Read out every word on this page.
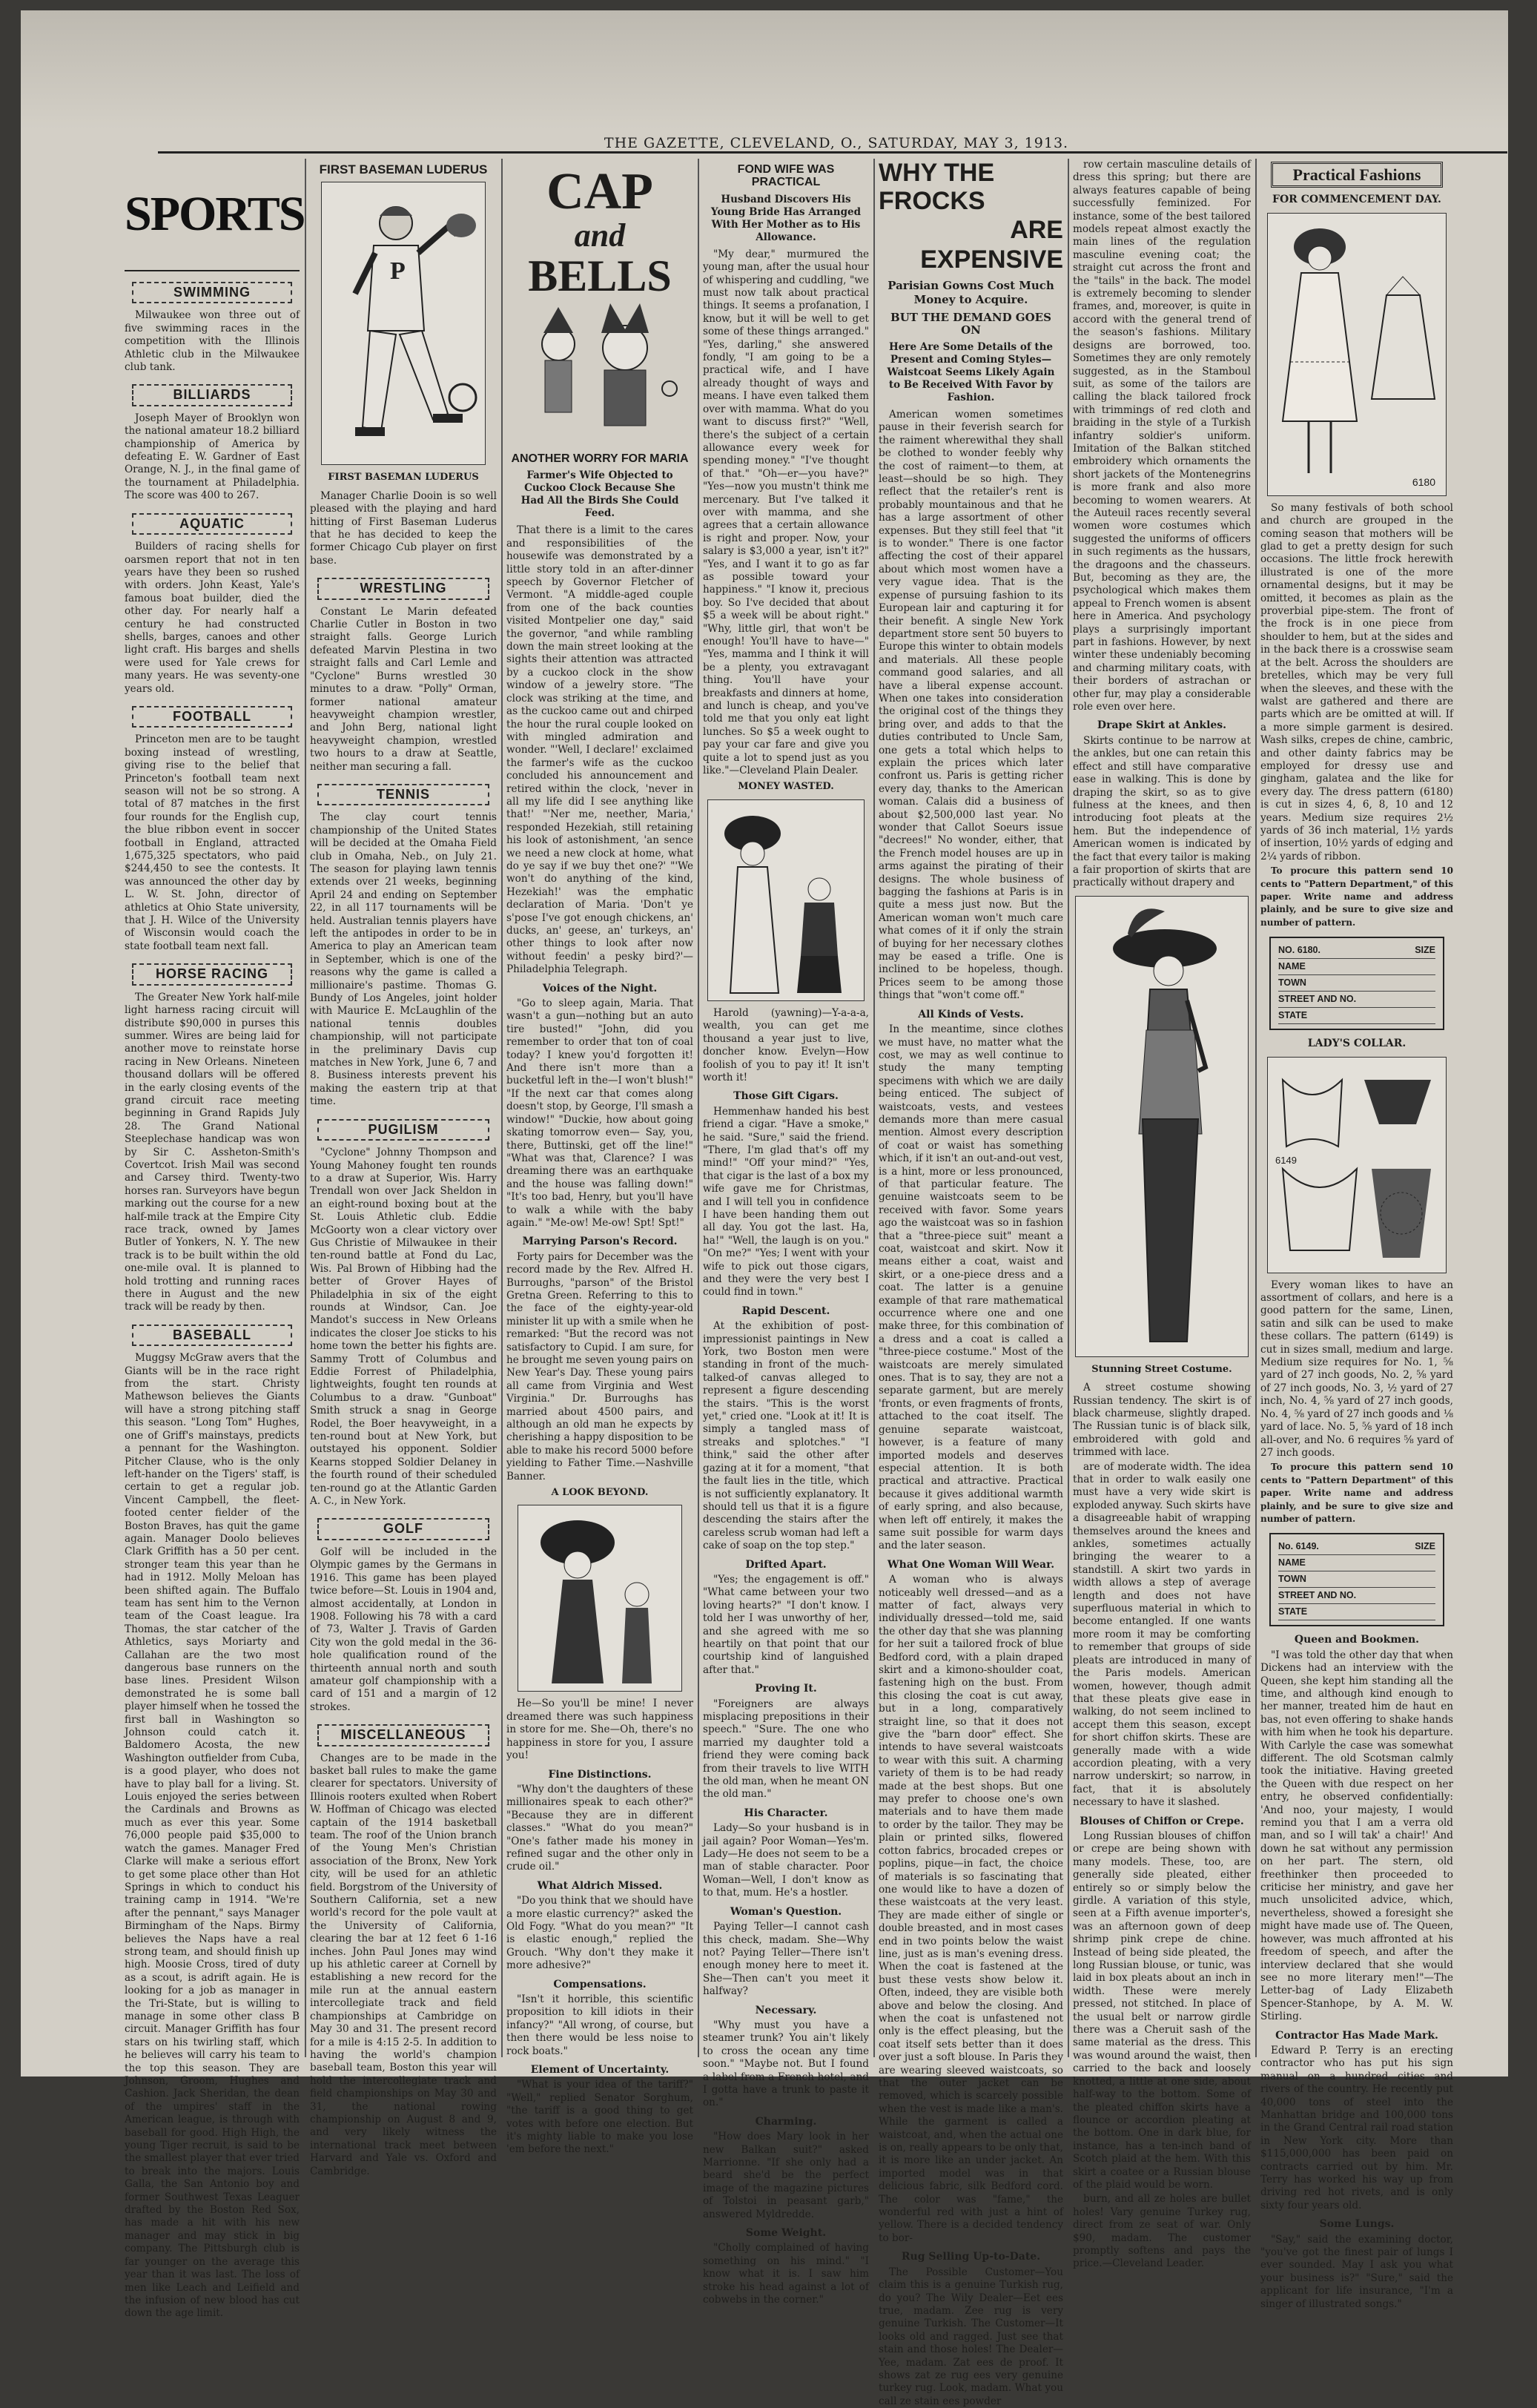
THE GAZETTE, CLEVELAND, O., SATURDAY, MAY 3, 1913.
SPORTS
SWIMMING

Milwaukee won three out of five swimming races in the competition with the Illinois Athletic club in the Milwaukee club tank.

BILLIARDS

Joseph Mayer of Brooklyn won the national amateur 18.2 billiard championship of America by defeating E. W. Gardner of East Orange, N. J., in the final game of the tournament at Philadelphia. The score was 400 to 267.

AQUATIC

Builders of racing shells for oarsmen report that not in ten years have they been so rushed with orders. John Keast, Yale's famous boat builder, died the other day. For nearly half a century he had constructed shells, barges, canoes and other light craft. His barges and shells were used for Yale crews for many years. He was seventy-one years old.

FOOTBALL

Princeton men are to be taught boxing instead of wrestling, giving rise to the belief that Princeton's football team next season will not be so strong. A total of 87 matches in the first four rounds for the English cup, the blue ribbon event in soccer football in England, attracted 1,675,325 spectators, who paid $244,450 to see the contests. It was announced the other day by L. W. St. John, director of athletics at Ohio State university, that J. H. Wilce of the University of Wisconsin would coach the state football team next fall.

HORSE RACING

The Greater New York half-mile light harness racing circuit will distribute $90,000 in purses this summer. Wires are being laid for another move to reinstate horse racing in New Orleans. Nineteen thousand dollars will be offered in the early closing events of the grand circuit race meeting beginning in Grand Rapids July 28. The Grand National Steeplechase handicap was won by Sir C. Assheton-Smith's Covertcot. Irish Mail was second and Carsey third. Twenty-two horses ran. Surveyors have begun marking out the course for a new half-mile track at the Empire City race track, owned by James Butler of Yonkers, N. Y. The new track is to be built within the old one-mile oval. It is planned to hold trotting and running races there in August and the new track will be ready by then.

BASEBALL

Muggsy McGraw avers that the Giants will be in the race right from the start. Christy Mathewson believes the Giants will have a strong pitching staff this season. "Long Tom" Hughes, one of Griff's mainstays, predicts a pennant for the Washington. Pitcher Clause, who is the only left-hander on the Tigers' staff, is certain to get a regular job. Vincent Campbell, the fleet-footed center fielder of the Boston Braves, has quit the game again. Manager Doolo believes Clark Griffith has a 50 per cent. stronger team this year than he had in 1912. Molly Meloan has been shifted again. The Buffalo team has sent him to the Vernon team of the Coast league. Ira Thomas, the star catcher of the Athletics, says Moriarty and Callahan are the two most dangerous base runners on the base lines. President Wilson demonstrated he is some ball player himself when he tossed the first ball in Washington so Johnson could catch it. Baldomero Acosta, the new Washington outfielder from Cuba, is a good player, who does not have to play ball for a living. St. Louis enjoyed the series between the Cardinals and Browns as much as ever this year. Some 76,000 people paid $35,000 to watch the games. Manager Fred Clarke will make a serious effort to get some place other than Hot Springs in which to conduct his training camp in 1914. "We're after the pennant," says Manager Birmingham of the Naps. Birmy believes the Naps have a real strong team, and should finish up high. Moosie Cross, tired of duty as a scout, is adrift again. He is looking for a job as manager in the Tri-State, but is willing to manage in some other class B circuit. Manager Griffith has four stars on his twirling staff, which he believes will carry his team to the top this season. They are Johnson, Groom, Hughes and Cashion. Jack Sheridan, the dean of the umpires' staff in the American league, is through with baseball for good. High High, the young Tiger recruit, is said to be the smallest player that ever tried to break into the majors. Louis Galla, the San Antonio boy and former Southwest Texas Leaguer drafted by the Boston Red Sox, has made a hit with his new manager and may stick in big company. The Pittsburgh club is far younger on the average this year than it was last. The loss of men like Leach and Leifield and the infusion of new blood has cut down the age limit.

FIRST BASEMAN LUDERUS
P
FIRST BASEMAN LUDERUS

Manager Charlie Dooin is so well pleased with the playing and hard hitting of First Baseman Luderus that he has decided to keep the former Chicago Cub player on first base.

WRESTLING

Constant Le Marin defeated Charlie Cutler in Boston in two straight falls. George Lurich defeated Marvin Plestina in two straight falls and Carl Lemle and "Cyclone" Burns wrestled 30 minutes to a draw. "Polly" Orman, former national amateur heavyweight champion wrestler, and John Berg, national light heavyweight champion, wrestled two hours to a draw at Seattle, neither man securing a fall.

TENNIS

The clay court tennis championship of the United States will be decided at the Omaha Field club in Omaha, Neb., on July 21. The season for playing lawn tennis extends over 21 weeks, beginning April 24 and ending on September 22, in all 117 tournaments will be held. Australian tennis players have left the antipodes in order to be in America to play an American team in September, which is one of the reasons why the game is called a millionaire's pastime. Thomas G. Bundy of Los Angeles, joint holder with Maurice E. McLaughlin of the national tennis doubles championship, will not participate in the preliminary Davis cup matches in New York, June 6, 7 and 8. Business interests prevent his making the eastern trip at that time.

PUGILISM

"Cyclone" Johnny Thompson and Young Mahoney fought ten rounds to a draw at Superior, Wis. Harry Trendall won over Jack Sheldon in an eight-round boxing bout at the St. Louis Athletic club. Eddie McGoorty won a clear victory over Gus Christie of Milwaukee in their ten-round battle at Fond du Lac, Wis. Pal Brown of Hibbing had the better of Grover Hayes of Philadelphia in six of the eight rounds at Windsor, Can. Joe Mandot's success in New Orleans indicates the closer Joe sticks to his home town the better his fights are. Sammy Trott of Columbus and Eddie Forrest of Philadelphia, lightweights, fought ten rounds at Columbus to a draw. "Gunboat" Smith struck a snag in George Rodel, the Boer heavyweight, in a ten-round bout at New York, but outstayed his opponent. Soldier Kearns stopped Soldier Delaney in the fourth round of their scheduled ten-round go at the Atlantic Garden A. C., in New York.

GOLF

Golf will be included in the Olympic games by the Germans in 1916. This game has been played twice before—St. Louis in 1904 and, almost accidentally, at London in 1908. Following his 78 with a card of 73, Walter J. Travis of Garden City won the gold medal in the 36-hole qualification round of the thirteenth annual north and south amateur golf championship with a card of 151 and a margin of 12 strokes.

MISCELLANEOUS

Changes are to be made in the basket ball rules to make the game clearer for spectators. University of Illinois rooters exulted when Robert W. Hoffman of Chicago was elected captain of the 1914 basketball team. The roof of the Union branch of the Young Men's Christian association of the Bronx, New York city, will be used for an athletic field. Borgstrom of the University of Southern California, set a new world's record for the pole vault at the University of California, clearing the bar at 12 feet 6 1-16 inches. John Paul Jones may wind up his athletic career at Cornell by establishing a new record for the mile run at the annual eastern intercollegiate track and field championships at Cambridge on May 30 and 31. The present record for a mile is 4:15 2-5. In addition to having the world's champion baseball team, Boston this year will hold the intercollegiate track and field championships on May 30 and 31, the national rowing championship on August 8 and 9, and very likely witness the international track meet between Harvard and Yale vs. Oxford and Cambridge.

CAP
and
BELLS
ANOTHER WORRY FOR MARIA
Farmer's Wife Objected to Cuckoo Clock Because She Had All the Birds She Could Feed.

That there is a limit to the cares and responsibilities of the housewife was demonstrated by a little story told in an after-dinner speech by Governor Fletcher of Vermont. "A middle-aged couple from one of the back counties visited Montpelier one day," said the governor, "and while rambling down the main street looking at the sights their attention was attracted by a cuckoo clock in the show window of a jewelry store. "The clock was striking at the time, and as the cuckoo came out and chirped the hour the rural couple looked on with mingled admiration and wonder. "'Well, I declare!' exclaimed the farmer's wife as the cuckoo concluded his announcement and retired within the clock, 'never in all my life did I see anything like that!' "'Ner me, neether, Maria,' responded Hezekiah, still retaining his look of astonishment, 'an sence we need a new clock at home, what do ye say if we buy thet one?' "'We won't do anything of the kind, Hezekiah!' was the emphatic declaration of Maria. 'Don't ye s'pose I've got enough chickens, an' ducks, an' geese, an' turkeys, an' other things to look after now without feedin' a pesky bird?'—Philadelphia Telegraph.

Voices of the Night.

"Go to sleep again, Maria. That wasn't a gun—nothing but an auto tire busted!" "John, did you remember to order that ton of coal today? I knew you'd forgotten it! And there isn't more than a bucketful left in the—I won't blush!" "If the next car that comes along doesn't stop, by George, I'll smash a window!" "Duckie, how about going skating tomorrow even— Say, you, there, Buttinski, get off the line!" "What was that, Clarence? I was dreaming there was an earthquake and the house was falling down!" "It's too bad, Henry, but you'll have to walk a while with the baby again." "Me-ow! Me-ow! Spt! Spt!"

Marrying Parson's Record.

Forty pairs for December was the record made by the Rev. Alfred H. Burroughs, "parson" of the Bristol Gretna Green. Referring to this to the face of the eighty-year-old minister lit up with a smile when he remarked: "But the record was not satisfactory to Cupid. I am sure, for he brought me seven young pairs on New Year's Day. These young pairs all came from Virginia and West Virginia." Dr. Burroughs has married about 4500 pairs, and although an old man he expects by cherishing a happy disposition to be able to make his record 5000 before yielding to Father Time.—Nashville Banner.

A LOOK BEYOND.

He—So you'll be mine! I never dreamed there was such happiness in store for me. She—Oh, there's no happiness in store for you, I assure you!

Fine Distinctions.

"Why don't the daughters of these millionaires speak to each other?" "Because they are in different classes." "What do you mean?" "One's father made his money in refined sugar and the other only in crude oil."

What Aldrich Missed.

"Do you think that we should have a more elastic currency?" asked the Old Fogy. "What do you mean?" "It is elastic enough," replied the Grouch. "Why don't they make it more adhesive?"

Compensations.

"Isn't it horrible, this scientific proposition to kill idiots in their infancy?" "All wrong, of course, but then there would be less noise to rock boats."

Element of Uncertainty.

"What is your idea of the tariff?" "Well," replied Senator Sorghum, "the tariff is a good thing to get votes with before one election. But it's mighty liable to make you lose 'em before the next."

FOND WIFE WAS PRACTICAL
Husband Discovers His Young Bride Has Arranged With Her Mother as to His Allowance.

"My dear," murmured the young man, after the usual hour of whispering and cuddling, "we must now talk about practical things. It seems a profanation, I know, but it will be well to get some of these things arranged." "Yes, darling," she answered fondly, "I am going to be a practical wife, and I have already thought of ways and means. I have even talked them over with mamma. What do you want to discuss first?" "Well, there's the subject of a certain allowance every week for spending money." "I've thought of that." "Oh—er—you have?" "Yes—now you mustn't think me mercenary. But I've talked it over with mamma, and she agrees that a certain allowance is right and proper. Now, your salary is $3,000 a year, isn't it?" "Yes, and I want it to go as far as possible toward your happiness." "I know it, precious boy. So I've decided that about $5 a week will be about right." "Why, little girl, that won't be enough! You'll have to have—" "Yes, mamma and I think it will be a plenty, you extravagant thing. You'll have your breakfasts and dinners at home, and lunch is cheap, and you've told me that you only eat light lunches. So $5 a week ought to pay your car fare and give you quite a lot to spend just as you like."—Cleveland Plain Dealer.

MONEY WASTED.

Harold (yawning)—Y-a-a-a, wealth, you can get me thousand a year just to live, doncher know. Evelyn—How foolish of you to pay it! It isn't worth it!

Those Gift Cigars.

Hemmenhaw handed his best friend a cigar. "Have a smoke," he said. "Sure," said the friend. "There, I'm glad that's off my mind!" "Off your mind?" "Yes, that cigar is the last of a box my wife gave me for Christmas, and I will tell you in confidence I have been handing them out all day. You got the last. Ha, ha!" "Well, the laugh is on you." "On me?" "Yes; I went with your wife to pick out those cigars, and they were the very best I could find in town."

Rapid Descent.

At the exhibition of post-impressionist paintings in New York, two Boston men were standing in front of the much-talked-of canvas alleged to represent a figure descending the stairs. "This is the worst yet," cried one. "Look at it! It is simply a tangled mass of streaks and splotches." "I think," said the other after gazing at it for a moment, "that the fault lies in the title, which is not sufficiently explanatory. It should tell us that it is a figure descending the stairs after the careless scrub woman had left a cake of soap on the top step."

Drifted Apart.

"Yes; the engagement is off." "What came between your two loving hearts?" "I don't know. I told her I was unworthy of her, and she agreed with me so heartily on that point that our courtship kind of languished after that."

Proving It.

"Foreigners are always misplacing prepositions in their speech." "Sure. The one who married my daughter told a friend they were coming back from their travels to live WITH the old man, when he meant ON the old man."

His Character.

Lady—So your husband is in jail again? Poor Woman—Yes'm. Lady—He does not seem to be a man of stable character. Poor Woman—Well, I don't know as to that, mum. He's a hostler.

Woman's Question.

Paying Teller—I cannot cash this check, madam. She—Why not? Paying Teller—There isn't enough money here to meet it. She—Then can't you meet it halfway?

Necessary.

"Why must you have a steamer trunk? You ain't likely to cross the ocean any time soon." "Maybe not. But I found a label from a French hotel, and I gotta have a trunk to paste it on."

Charming.

"How does Mary look in her new Balkan suit?" asked Marrionne. "If she only had a beard she'd be the perfect image of the magazine pictures of Tolstoi in peasant garb," answered Myldredde.

Some Weight.

"Cholly complained of having something on his mind." "I know what it is. I saw him stroke his head against a lot of cobwebs in the corner."

WHY THE FROCKS
ARE EXPENSIVE
Parisian Gowns Cost Much Money to Acquire.
BUT THE DEMAND GOES ON
Here Are Some Details of the Present and Coming Styles—Waistcoat Seems Likely Again to Be Received With Favor by Fashion.

American women sometimes pause in their feverish search for the raiment wherewithal they shall be clothed to wonder feebly why the cost of raiment—to them, at least—should be so high. They reflect that the retailer's rent is probably mountainous and that he has a large assortment of other expenses. But they still feel that "it is to wonder." There is one factor affecting the cost of their apparel about which most women have a very vague idea. That is the expense of pursuing fashion to its European lair and capturing it for their benefit. A single New York department store sent 50 buyers to Europe this winter to obtain models and materials. All these people command good salaries, and all have a liberal expense account. When one takes into consideration the original cost of the things they bring over, and adds to that the duties contributed to Uncle Sam, one gets a total which helps to explain the prices which later confront us. Paris is getting richer every day, thanks to the American woman. Calais did a business of about $2,500,000 last year. No wonder that Callot Soeurs issue "decrees!" No wonder, either, that the French model houses are up in arms against the pirating of their designs. The whole business of bagging the fashions at Paris is in quite a mess just now. But the American woman won't much care what comes of it if only the strain of buying for her necessary clothes may be eased a trifle. One is inclined to be hopeless, though. Prices seem to be among those things that "won't come off."

All Kinds of Vests.

In the meantime, since clothes we must have, no matter what the cost, we may as well continue to study the many tempting specimens with which we are daily being enticed. The subject of waistcoats, vests, and vestees demands more than mere casual mention. Almost every description of coat or waist has something which, if it isn't an out-and-out vest, is a hint, more or less pronounced, of that particular feature. The genuine waistcoats seem to be received with favor. Some years ago the waistcoat was so in fashion that a "three-piece suit" meant a coat, waistcoat and skirt. Now it means either a coat, waist and skirt, or a one-piece dress and a coat. The latter is a genuine example of that rare mathematical occurrence where one and one make three, for this combination of a dress and a coat is called a "three-piece costume." Most of the waistcoats are merely simulated ones. That is to say, they are not a separate garment, but are merely 'fronts, or even fragments of fronts, attached to the coat itself. The genuine separate waistcoat, however, is a feature of many imported models and deserves especial attention. It is both practical and attractive. Practical because it gives additional warmth of early spring, and also because, when left off entirely, it makes the same suit possible for warm days and the later season.

What One Woman Will Wear.

A woman who is always noticeably well dressed—and as a matter of fact, always very individually dressed—told me, said the other day that she was planning for her suit a tailored frock of blue Bedford cord, with a plain draped skirt and a kimono-shoulder coat, fastening high on the bust. From this closing the coat is cut away, but in a long, comparatively straight line, so that it does not give the "barn door" effect. She intends to have several waistcoats to wear with this suit. A charming variety of them is to be had ready made at the best shops. But one may prefer to choose one's own materials and to have them made to order by the tailor. They may be plain or printed silks, flowered cotton fabrics, brocaded crepes or poplins, pique—in fact, the choice of materials is so fascinating that one would like to have a dozen of these waistcoats at the very least. They are made either of single or double breasted, and in most cases end in two points below the waist line, just as is man's evening dress. When the coat is fastened at the bust these vests show below it. Often, indeed, they are visible both above and below the closing. And when the coat is unfastened not only is the effect pleasing, but the coat itself sets better than it does over just a soft blouse. In Paris they are wearing sleeved waistcoats, so that the outer jacket can be removed, which is scarcely possible when the vest is made like a man's. While the garment is called a waistcoat, and, when the actual one is on, really appears to be only that, it is more like an under jacket. An imported model was in that delicious fabric, silk Bedford cord. The color was "fame," the wonderful red with just a hint of yellow. There is a decided tendency to bor-

Rug Selling Up-to-Date.

The Possible Customer—You claim this is a genuine Turkish rug, do you? The Wily Dealer—Eet ees true, madam. Zee rug is very genuine Turkish. The Customer—It looks old and ragged. Just see that stain and those holes! The Dealer—Yee, madam. Zat ees de proof. It shows zat ze rug ees very genuine turkey rug. Look, madam. What you call ze stain ees powder

row certain masculine details of dress this spring; but there are always features capable of being successfully feminized. For instance, some of the best tailored models repeat almost exactly the main lines of the regulation masculine evening coat; the straight cut across the front and the "tails" in the back. The model is extremely becoming to slender frames, and, moreover, is quite in accord with the general trend of the season's fashions. Military designs are borrowed, too. Sometimes they are only remotely suggested, as in the Stamboul suit, as some of the tailors are calling the black tailored frock with trimmings of red cloth and braiding in the style of a Turkish infantry soldier's uniform. Imitation of the Balkan stitched embroidery which ornaments the short jackets of the Montenegrins is more frank and also more becoming to women wearers. At the Auteuil races recently several women wore costumes which suggested the uniforms of officers in such regiments as the hussars, the dragoons and the chasseurs. But, becoming as they are, the psychological which makes them appeal to French women is absent here in America. And psychology plays a surprisingly important part in fashions. However, by next winter these undeniably becoming and charming military coats, with their borders of astrachan or other fur, may play a considerable role even over here.

Drape Skirt at Ankles.

Skirts continue to be narrow at the ankles, but one can retain this effect and still have comparative ease in walking. This is done by draping the skirt, so as to give fulness at the knees, and then introducing foot pleats at the hem. But the independence of American women is indicated by the fact that every tailor is making a fair proportion of skirts that are practically without drapery and

Stunning Street Costume.

A street costume showing Russian tendency. The skirt is of black charmeuse, slightly draped. The Russian tunic is of black silk, embroidered with gold and trimmed with lace.

are of moderate width. The idea that in order to walk easily one must have a very wide skirt is exploded anyway. Such skirts have a disagreeable habit of wrapping themselves around the knees and ankles, sometimes actually bringing the wearer to a standstill. A skirt two yards in width allows a step of average length and does not have superfluous material in which to become entangled. If one wants more room it may be comforting to remember that groups of side pleats are introduced in many of the Paris models. American women, however, though admit that these pleats give ease in walking, do not seem inclined to accept them this season, except for short chiffon skirts. These are generally made with a wide accordion pleating, with a very narrow underskirt; so narrow, in fact, that it is absolutely necessary to have it slashed.

Blouses of Chiffon or Crepe.

Long Russian blouses of chiffon or crepe are being shown with many models. These, too, are generally side pleated, either entirely so or simply below the girdle. A variation of this style, seen at a Fifth avenue importer's, was an afternoon gown of deep shrimp pink crepe de chine. Instead of being side pleated, the long Russian blouse, or tunic, was laid in box pleats about an inch in width. These were merely pressed, not stitched. In place of the usual belt or narrow girdle there was a Cheruit sash of the same material as the dress. This was wound around the waist, then carried to the back and loosely knotted, a little at one side, about half-way to the bottom. Some of the pleated chiffon skirts have a flounce or accordion pleating at the bottom. One in dark blue, for instance, has a ten-inch band of Scotch plaid at the hem. With this skirt a coatee or a Russian blouse of the plaid would be worn.

burn, and all ze holes are bullet holes! Vary genuine Turkey rug, direct from ze seat of war. Only $90, madam. The customer promptly softens and pays the price.—Cleveland Leader.

Practical Fashions
FOR COMMENCEMENT DAY.
6180

So many festivals of both school and church are grouped in the coming season that mothers will be glad to get a pretty design for such occasions. The little frock herewith illustrated is one of the more ornamental designs, but it may be omitted, it becomes as plain as the proverbial pipe-stem. The front of the frock is in one piece from shoulder to hem, but at the sides and in the back there is a crosswise seam at the belt. Across the shoulders are bretelles, which may be very full when the sleeves, and these with the walst are gathered and there are parts which are be omitted at will. If a more simple garment is desired. Wash silks, crepes de chine, cambric, and other dainty fabrics may be employed for dressy use and gingham, galatea and the like for every day. The dress pattern (6180) is cut in sizes 4, 6, 8, 10 and 12 years. Medium size requires 2½ yards of 36 inch material, 1½ yards of insertion, 10½ yards of edging and 2¼ yards of ribbon.

To procure this pattern send 10 cents to "Pattern Department," of this paper. Write name and address plainly, and be sure to give size and number of pattern.

NO. 6180.	SIZE
NAME
TOWN
STREET AND NO.
STATE
LADY'S COLLAR.
6149

Every woman likes to have an assortment of collars, and here is a good pattern for the same, Linen, satin and silk can be used to make these collars. The pattern (6149) is cut in sizes small, medium and large. Medium size requires for No. 1, ⅝ yard of 27 inch goods, No. 2, ⅝ yard of 27 inch goods, No. 3, ½ yard of 27 inch, No. 4, ⅝ yard of 27 inch goods, No. 4, ⅝ yard of 27 inch goods and ⅛ yard of lace. No. 5, ⅝ yard of 18 inch all-over, and No. 6 requires ⅝ yard of 27 inch goods.

To procure this pattern send 10 cents to "Pattern Department" of this paper. Write name and address plainly, and be sure to give size and number of pattern.

No. 6149.	SIZE
NAME
TOWN
STREET AND NO.
STATE
Queen and Bookmen.

"I was told the other day that when Dickens had an interview with the Queen, she kept him standing all the time, and although kind enough to her manner, treated him de haut en bas, not even offering to shake hands with him when he took his departure. With Carlyle the case was somewhat different. The old Scotsman calmly took the initiative. Having greeted the Queen with due respect on her entry, he observed confidentially: 'And noo, your majesty, I would remind you that I am a verra old man, and so I will tak' a chair!' And down he sat without any permission on her part. The stern, old freethinker then proceeded to criticise her ministry, and gave her much unsolicited advice, which, nevertheless, showed a foresight she might have made use of. The Queen, however, was much affronted at his freedom of speech, and after the interview declared that she would see no more literary men!"—The Letter-bag of Lady Elizabeth Spencer-Stanhope, by A. M. W. Stirling.

Contractor Has Made Mark.

Edward P. Terry is an erecting contractor who has put his sign manual on a hundred cities and rivers of the country. He recently put 40,000 tons of steel into the Manhattan bridge and 100,000 tons in the Grand Central rail road station in New York city. More than $115,000,000 has been paid on contracts carried out by him. Mr. Terry has worked his way up from driving red hot rivets, and is only sixty four years old.

Some Lungs.

"Say," said the examining doctor, "you've got the finest pair of lungs I ever sounded. May I ask you what your business is?" "Sure," said the applicant for life insurance, "I'm a singer of illustrated songs."
